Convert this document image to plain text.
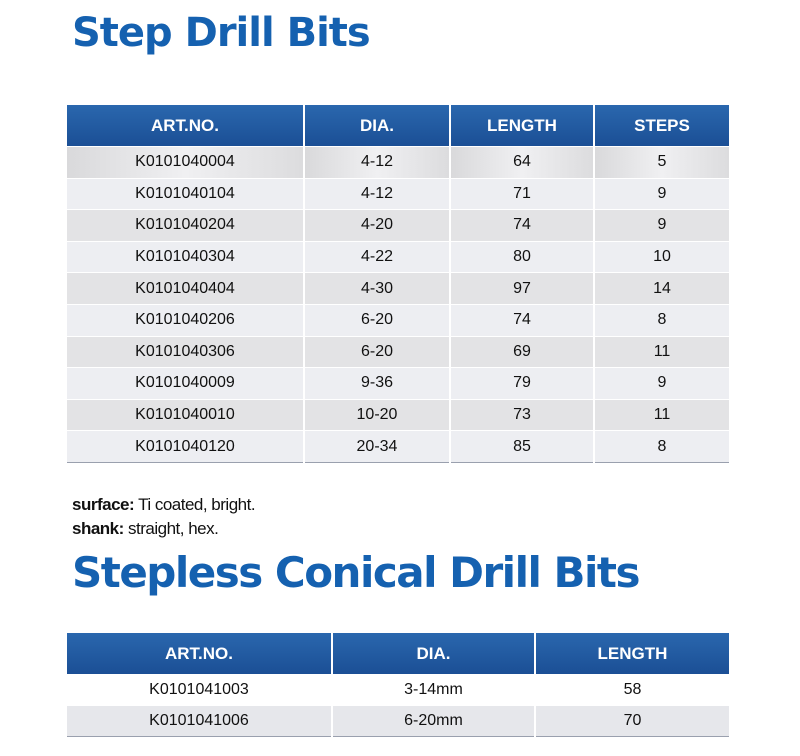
Step Drill Bits
ART.NO.	DIA.	LENGTH	STEPS
K0101040004	4-12	64	5
K0101040104	4-12	71	9
K0101040204	4-20	74	9
K0101040304	4-22	80	10
K0101040404	4-30	97	14
K0101040206	6-20	74	8
K0101040306	6-20	69	11
K0101040009	9-36	79	9
K0101040010	10-20	73	11
K0101040120	20-34	85	8
surface: Ti coated, bright.
shank: straight, hex.
Stepless Conical Drill Bits
ART.NO.	DIA.	LENGTH
K0101041003	3-14mm	58
K0101041006	6-20mm	70
